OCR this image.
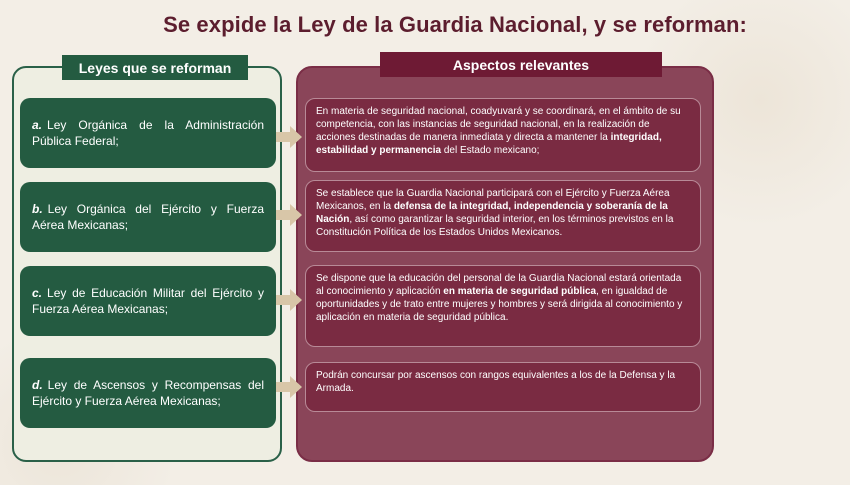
Se expide la Ley de la Guardia Nacional, y se reforman:
Leyes que se reforman	Aspectos relevantes
a. Ley Orgánica de la Administración Pública Federal;
b. Ley Orgánica del Ejército y Fuerza Aérea Mexicanas;
c. Ley de Educación Militar del Ejército y Fuerza Aérea Mexicanas;
d. Ley de Ascensos y Recompensas del Ejército y Fuerza Aérea Mexicanas;
En materia de seguridad nacional, coadyuvará y se coordinará, en el ámbito de su competencia, con las instancias de seguridad nacional, en la realización de acciones destinadas de manera inmediata y directa a mantener la integridad, estabilidad y permanencia del Estado mexicano;
Se establece que la Guardia Nacional participará con el Ejército y Fuerza Aérea Mexicanos, en la defensa de la integridad, independencia y soberanía de la Nación, así como garantizar la seguridad interior, en los términos previstos en la Constitución Política de los Estados Unidos Mexicanos.
Se dispone que la educación del personal de la Guardia Nacional estará orientada al conocimiento y aplicación en materia de seguridad pública, en igualdad de oportunidades y de trato entre mujeres y hombres y será dirigida al conocimiento y aplicación en materia de seguridad pública.
Podrán concursar por ascensos con rangos equivalentes a los de la Defensa y la Armada.
